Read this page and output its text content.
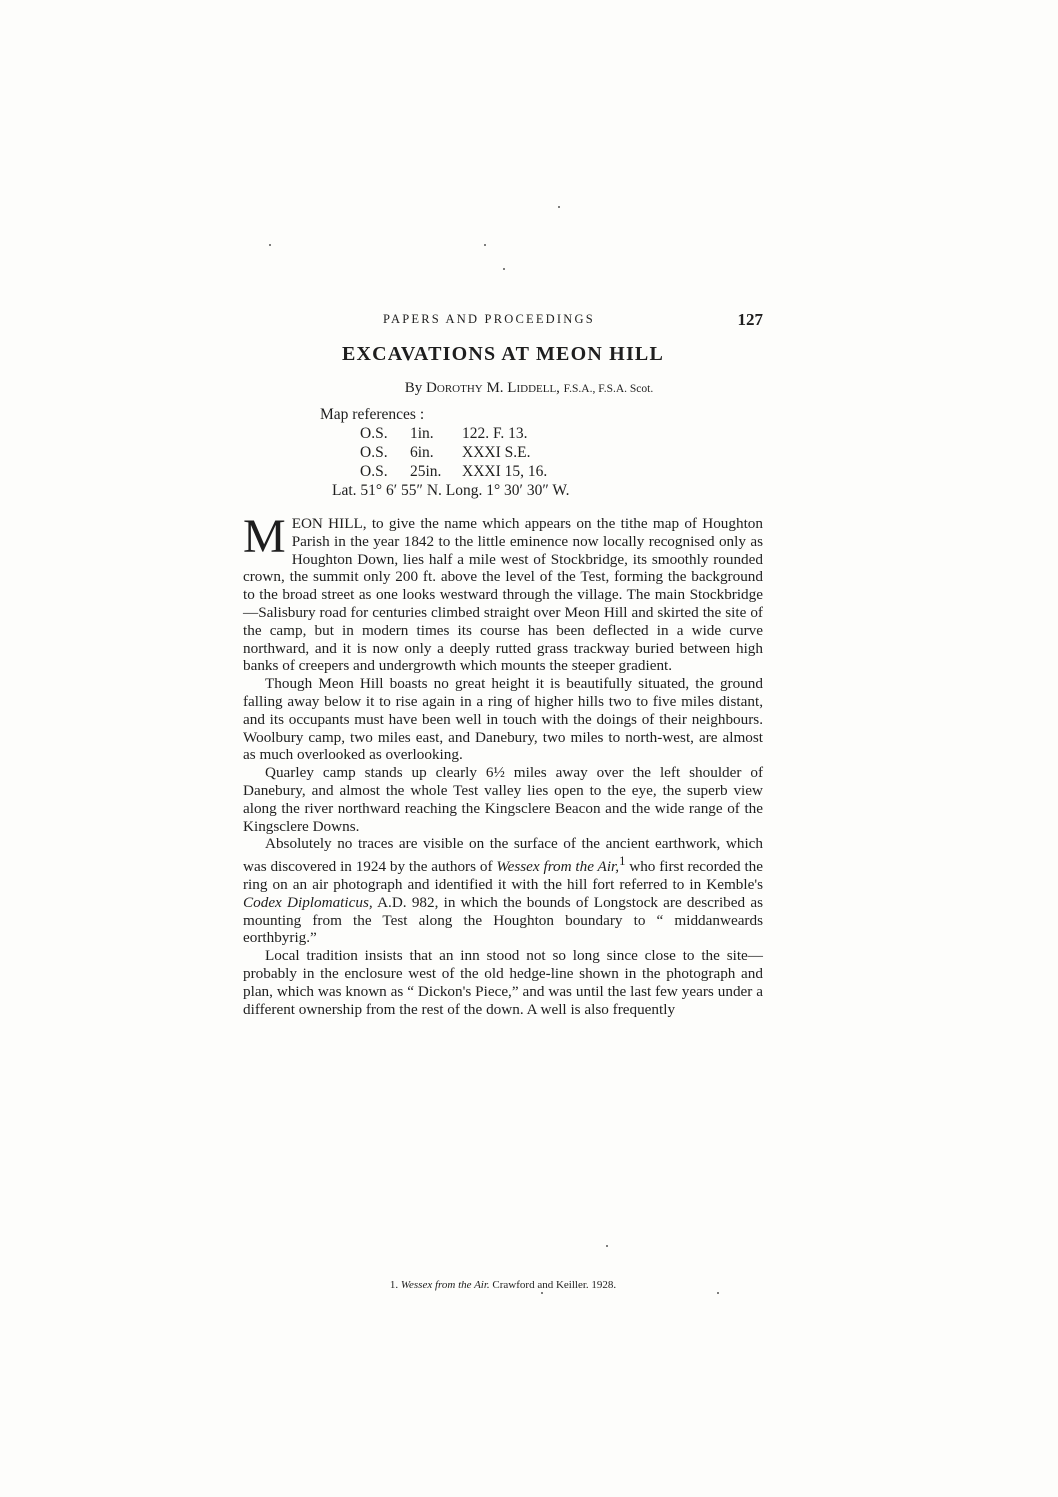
PAPERS AND PROCEEDINGS	127
EXCAVATIONS AT MEON HILL

By Dorothy M. Liddell, F.S.A., F.S.A. Scot.

Map references :
O.S. 1in. 122. F. 13.
O.S. 6in. XXXI S.E.
O.S. 25in. XXXI 15, 16.
Lat. 51° 6′ 55″ N. Long. 1° 30′ 30″ W.

MEON HILL, to give the name which appears on the tithe map of Houghton Parish in the year 1842 to the little eminence now locally recognised only as Houghton Down, lies half a mile west of Stockbridge, its smoothly rounded crown, the summit only 200 ft. above the level of the Test, forming the background to the broad street as one looks westward through the village. The main Stockbridge—Salisbury road for centuries climbed straight over Meon Hill and skirted the site of the camp, but in modern times its course has been deflected in a wide curve northward, and it is now only a deeply rutted grass trackway buried between high banks of creepers and undergrowth which mounts the steeper gradient.

Though Meon Hill boasts no great height it is beautifully situated, the ground falling away below it to rise again in a ring of higher hills two to five miles distant, and its occupants must have been well in touch with the doings of their neighbours. Woolbury camp, two miles east, and Danebury, two miles to north-west, are almost as much overlooked as overlooking.

Quarley camp stands up clearly 6½ miles away over the left shoulder of Danebury, and almost the whole Test valley lies open to the eye, the superb view along the river northward reaching the Kingsclere Beacon and the wide range of the Kingsclere Downs.

Absolutely no traces are visible on the surface of the ancient earthwork, which was discovered in 1924 by the authors of Wessex from the Air,$^1$ who first recorded the ring on an air photograph and identified it with the hill fort referred to in Kemble's Codex Diplomaticus, A.D. 982, in which the bounds of Longstock are described as mounting from the Test along the Houghton boundary to “ middanweards eorthbyrig.”

Local tradition insists that an inn stood not so long since close to the site—probably in the enclosure west of the old hedge-line shown in the photograph and plan, which was known as “ Dickon's Piece,” and was until the last few years under a different ownership from the rest of the down. A well is also frequently

1. Wessex from the Air. Crawford and Keiller. 1928.
